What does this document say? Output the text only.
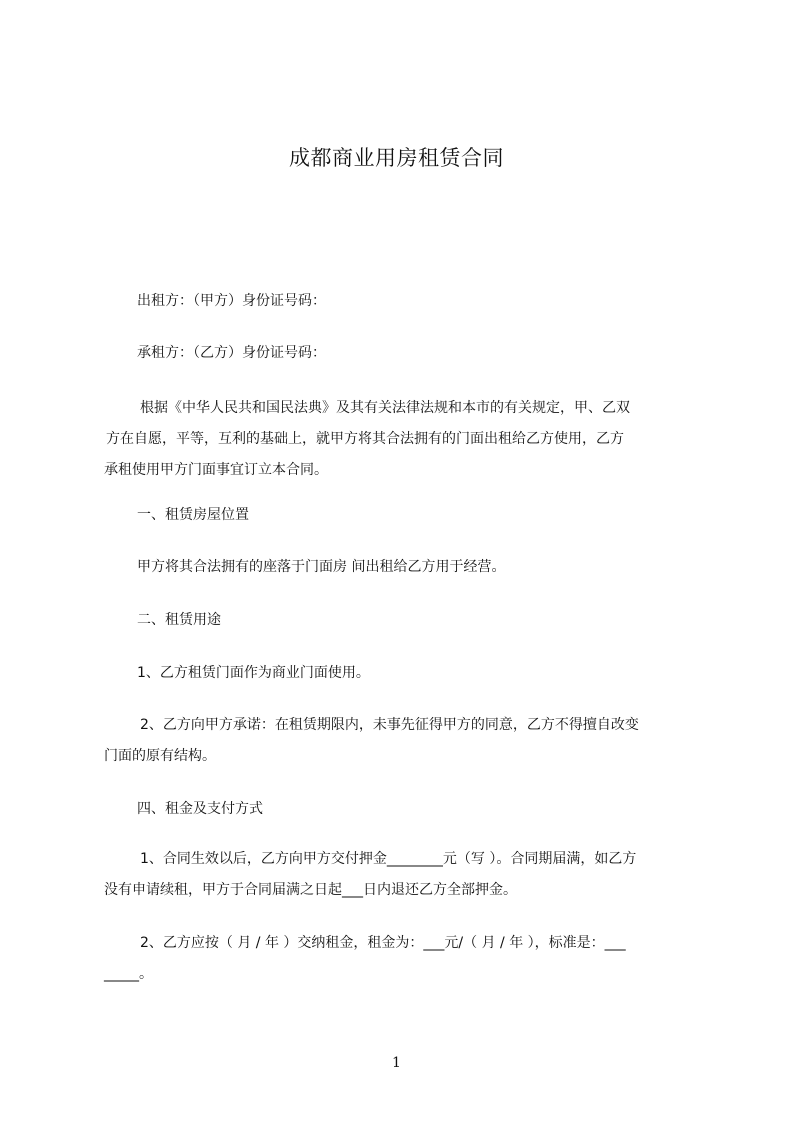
成都商业用房租赁合同
出租方：（甲方）身份证号码：
承租方：（乙方）身份证号码：
根据《中华人民共和国民法典》及其有关法律法规和本市的有关规定，甲、乙双
方在自愿，平等，互利的基础上，就甲方将其合法拥有的门面出租给乙方使用，乙方
承租使用甲方门面事宜订立本合同。
一、租赁房屋位置
甲方将其合法拥有的座落于门面房 间出租给乙方用于经营。
二、租赁用途
1、乙方租赁门面作为商业门面使用。
2、乙方向甲方承诺：在租赁期限内，未事先征得甲方的同意，乙方不得擅自改变
门面的原有结构。
四、租金及支付方式
1、合同生效以后，乙方向甲方交付押金________元（写 ）。合同期届满，如乙方
没有申请续租，甲方于合同届满之日起___日内退还乙方全部押金。
2、乙方应按（ 月 / 年 ）交纳租金，租金为：___元/（ 月 / 年 ），标准是：___
_____。
1
